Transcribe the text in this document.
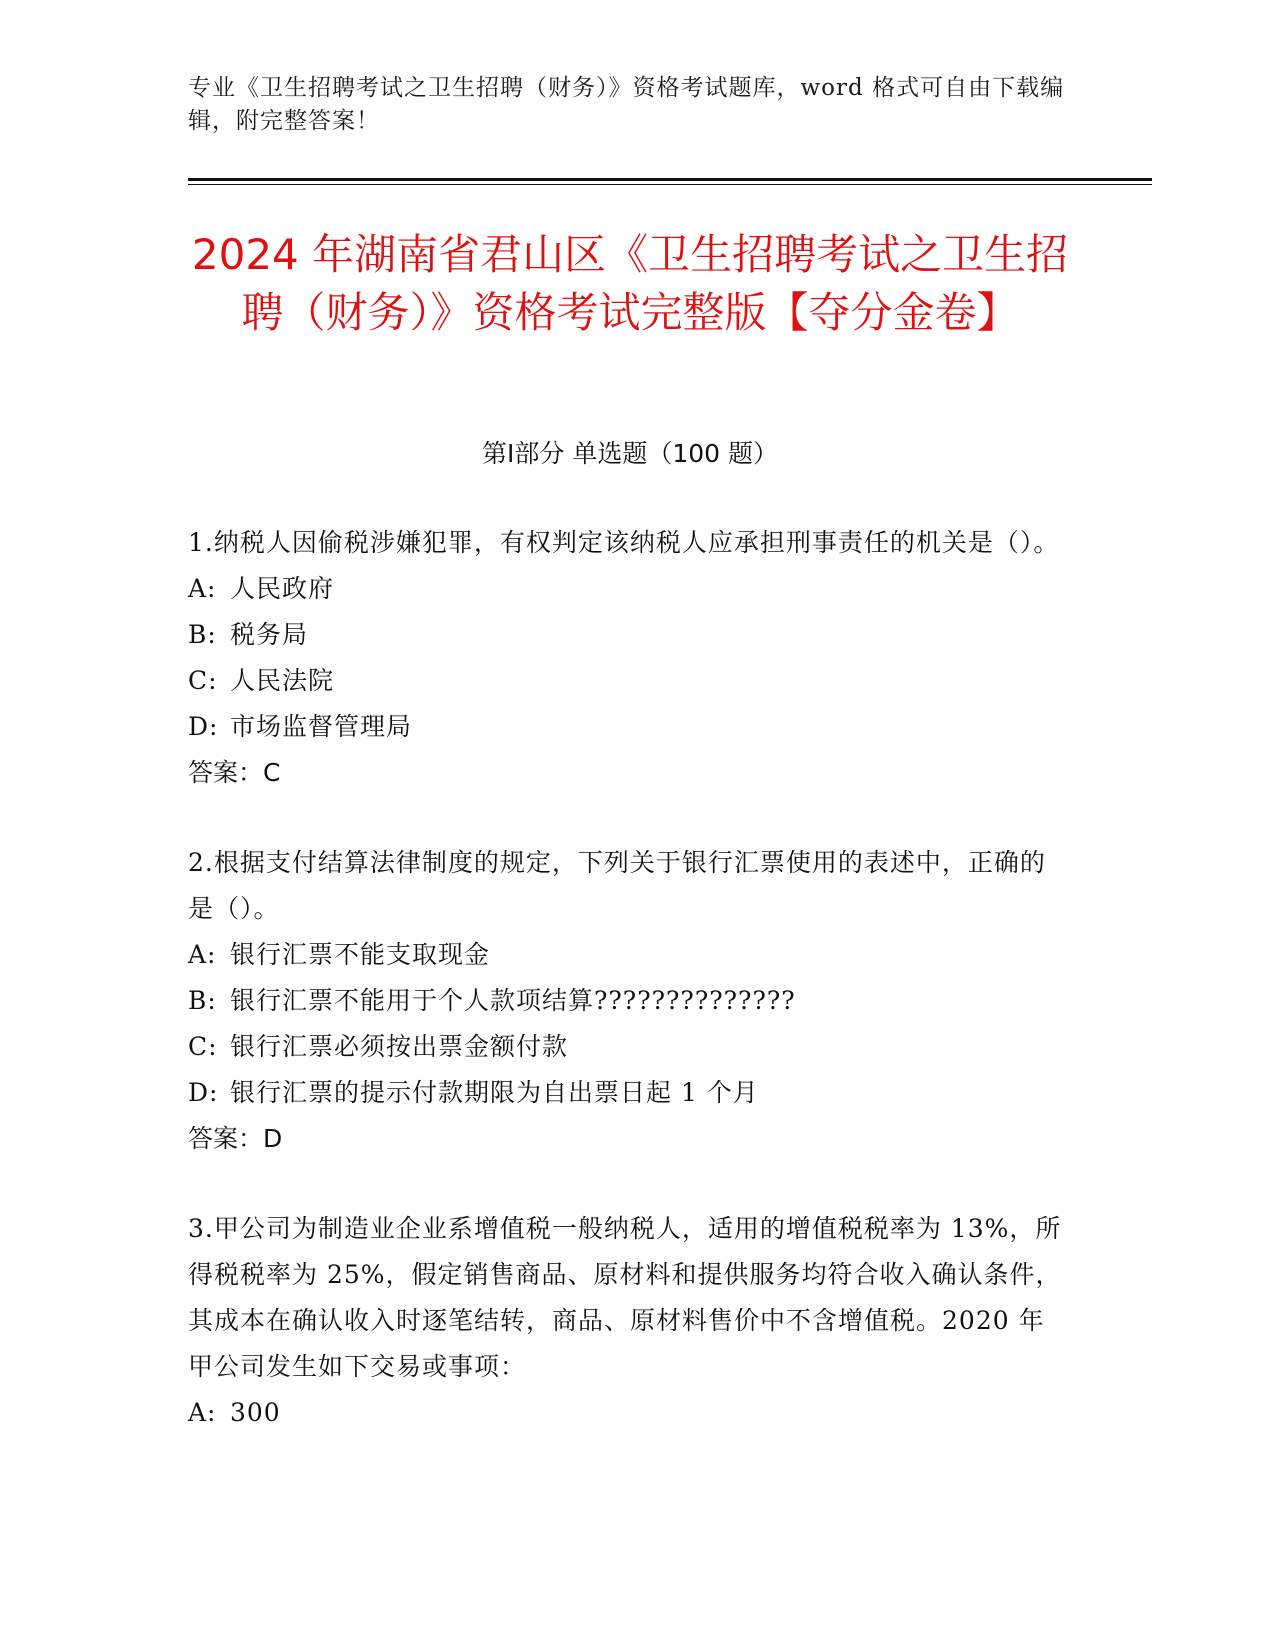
专业《卫生招聘考试之卫生招聘（财务）》资格考试题库，word 格式可自由下载编辑，附完整答案！
2024 年湖南省君山区《卫生招聘考试之卫生招聘（财务）》资格考试完整版【夺分金卷】
第Ⅰ部分 单选题（100 题）

1.纳税人因偷税涉嫌犯罪，有权判定该纳税人应承担刑事责任的机关是（）。

A: 人民政府

B: 税务局

C: 人民法院

D: 市场监督管理局

答案：C

2.根据支付结算法律制度的规定，下列关于银行汇票使用的表述中，正确的是（）。

A: 银行汇票不能支取现金

B: 银行汇票不能用于个人款项结算??????????????

C: 银行汇票必须按出票金额付款

D: 银行汇票的提示付款期限为自出票日起 1 个月

答案：D

3.甲公司为制造业企业系增值税一般纳税人，适用的增值税税率为 13%，所得税税率为 25%，假定销售商品、原材料和提供服务均符合收入确认条件，其成本在确认收入时逐笔结转，商品、原材料售价中不含增值税。2020 年甲公司发生如下交易或事项：

A: 300
